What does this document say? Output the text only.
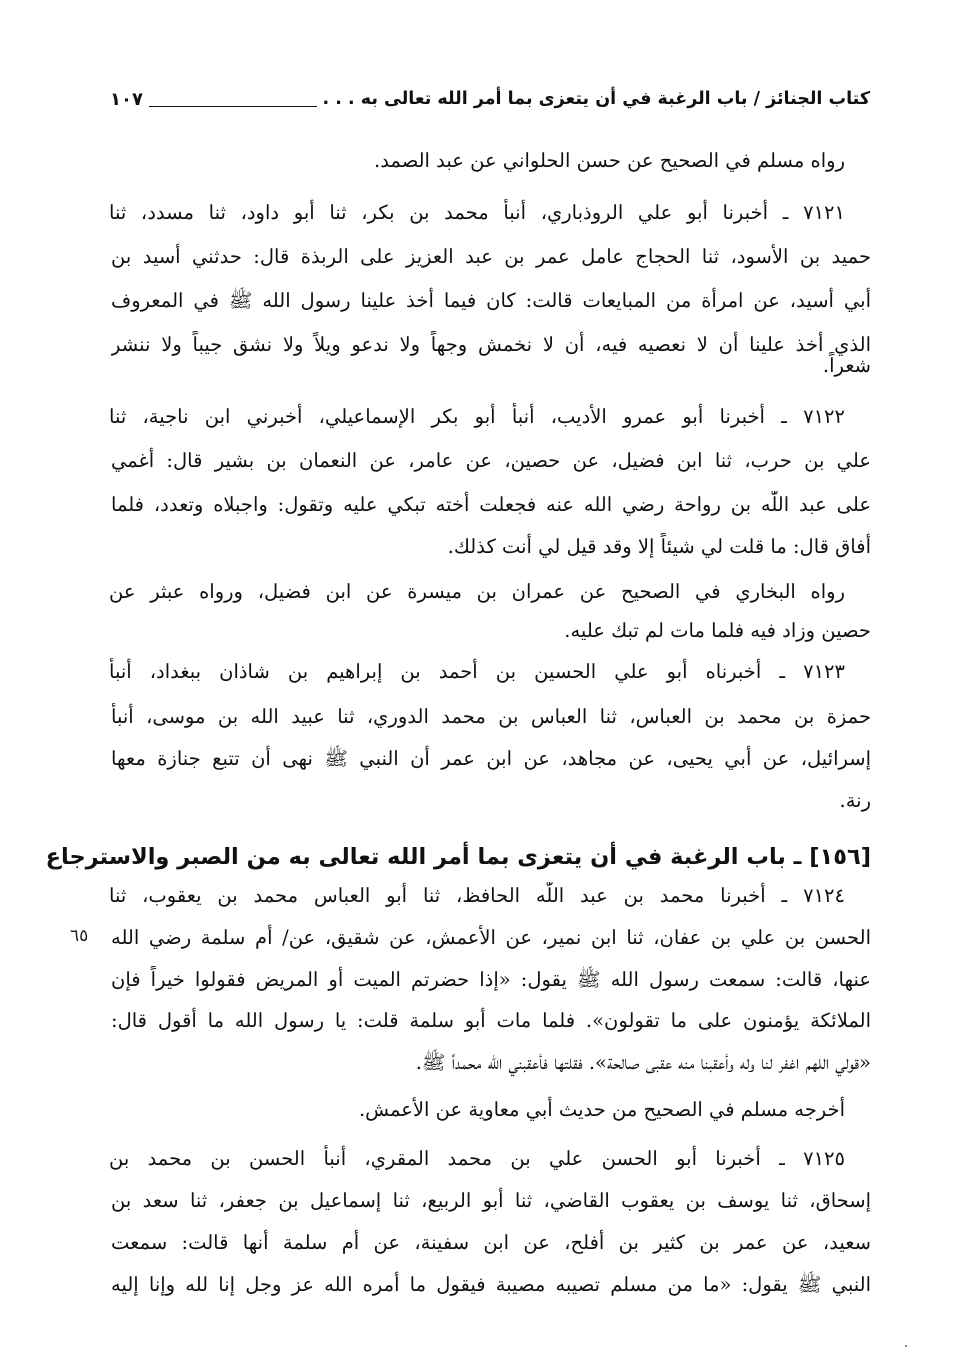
كتاب الجنائز / باب الرغبة في أن يتعزى بما أمر الله تعالى به . . .
١٠٧
رواه مسلم في الصحيح عن حسن الحلواني عن عبد الصمد.
٧١٢١ ـ أخبرنا أبو علي الروذباري، أنبأ محمد بن بكر، ثنا أبو داود، ثنا مسدد، ثنا
حميد بن الأسود، ثنا الحجاج عامل عمر بن عبد العزيز على الربذة قال: حدثني أسيد بن
أبي أسيد، عن امرأة من المبايعات قالت: كان فيما أخذ علينا رسول الله ﷺ في المعروف
الذي أخذ علينا أن لا نعصيه فيه، أن لا نخمش وجهاً ولا ندعو ويلاً ولا نشق جيباً ولا ننشر
شعراً.
٧١٢٢ ـ أخبرنا أبو عمرو الأديب، أنبأ أبو بكر الإسماعيلي، أخبرني ابن ناجية، ثنا
علي بن حرب، ثنا ابن فضيل، عن حصين، عن عامر، عن النعمان بن بشير قال: أغمي
على عبد اللّٰه بن رواحة رضي الله عنه فجعلت أخته تبكي عليه وتقول: واجبلاه وتعدد، فلما
أفاق قال: ما قلت لي شيئاً إلا وقد قيل لي أنت كذلك.
رواه البخاري في الصحيح عن عمران بن ميسرة عن ابن فضيل، ورواه عبثر عن
حصين وزاد فيه فلما مات لم تبك عليه.
٧١٢٣ ـ أخبرناه أبو علي الحسين بن أحمد بن إبراهيم بن شاذان ببغداد، أنبأ
حمزة بن محمد بن العباس، ثنا العباس بن محمد الدوري، ثنا عبيد الله بن موسى، أنبأ
إسرائيل، عن أبي يحيى، عن مجاهد، عن ابن عمر أن النبي ﷺ نهى أن تتبع جنازة معها
رنة.
[١٥٦] ـ باب الرغبة في أن يتعزى بما أمر الله تعالى به من الصبر والاسترجاع
٧١٢٤ ـ أخبرنا محمد بن عبد اللّٰه الحافظ، ثنا أبو العباس محمد بن يعقوب، ثنا
الحسن بن علي بن عفان، ثنا ابن نمير، عن الأعمش، عن شقيق، عن/ أم سلمة رضي الله
عنها، قالت: سمعت رسول الله ﷺ يقول: «إذا حضرتم الميت أو المريض فقولوا خيراً فإن
الملائكة يؤمنون على ما تقولون». فلما مات أبو سلمة قلت: يا رسول الله ما أقول قال:
«قولي اللهم اغفر لنا وله وأعقبنا منه عقبى صالحة». فقلتها فأعقبني الله محمداً ﷺ.
أخرجه مسلم في الصحيح من حديث أبي معاوية عن الأعمش.
٧١٢٥ ـ أخبرنا أبو الحسن علي بن محمد المقري، أنبأ الحسن بن محمد بن
إسحاق، ثنا يوسف بن يعقوب القاضي، ثنا أبو الربيع، ثنا إسماعيل بن جعفر، ثنا سعد بن
سعيد، عن عمر بن كثير بن أفلح، عن ابن سفينة، عن أم سلمة أنها قالت: سمعت
النبي ﷺ يقول: «ما من مسلم تصيبه مصيبة فيقول ما أمره الله عز وجل إنا لله وإنا إليه
٦٥
